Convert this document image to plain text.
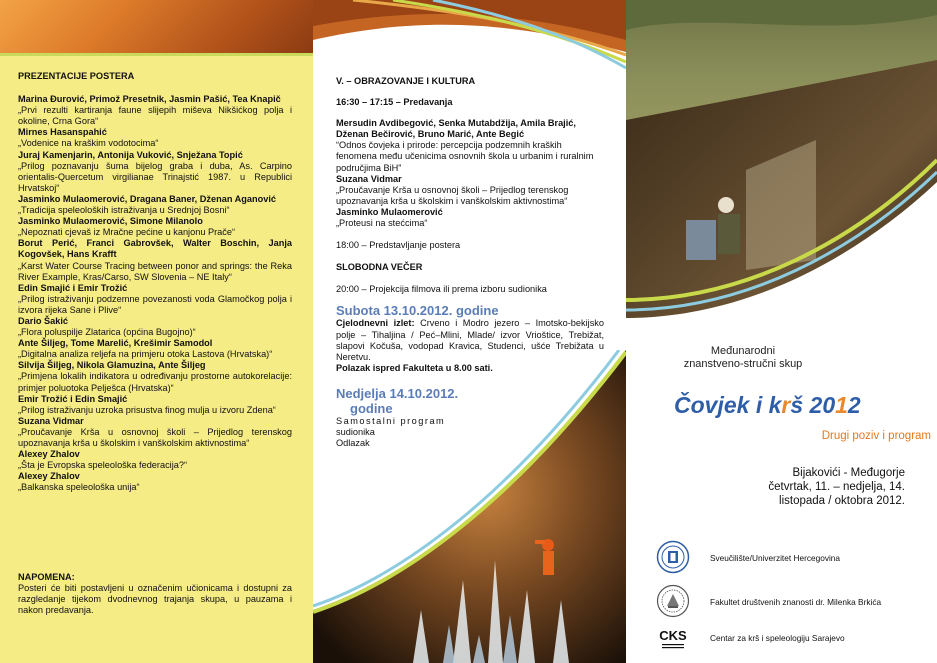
PREZENTACIJE POSTERA
Marina Đurović, Primož Presetnik, Jasmin Pašić, Tea Knapič
„Prvi rezulti kartiranja faune slijepih miševa Nikšićkog polja i okoline, Crna Gora“
Mirnes Hasanspahić
„Vodenice na kraškim vodotocima“
Juraj Kamenjarin, Antonija Vuković, Snježana Topić
„Prilog poznavanju šuma bijelog graba i duba, As. Carpino orientalis-Quercetum virgilianae Trinajstić 1987. u Republici Hrvatskoj“
Jasminko Mulaomerović, Dragana Baner, Dženan Aganović
„Tradicija speleoloških istraživanja u Srednjoj Bosni“
Jasminko Mulaomerović, Simone Milanolo
„Nepoznati cjevaš iz Mračne pećine u kanjonu Prače“
Borut Perić, Franci Gabrovšek, Walter Boschin, Janja Kogovšek, Hans Krafft
„Karst Water Course Tracing between ponor and springs: the Reka River Example, Kras/Carso, SW Slovenia – NE Italy“
Edin Smajić i Emir Trožić
„Prilog istraživanju podzemne povezanosti voda Glamočkog polja i izvora rijeka Sane i Plive“
Dario Šakić
„Flora poluspilje Zlatarica (općina Bugojno)“
Ante Šiljeg, Tome Marelić, Krešimir Samodol
„Digitalna analiza reljefa na primjeru otoka Lastova (Hrvatska)“
Silvija Šiljeg, Nikola Glamuzina, Ante Šiljeg
„Primjena lokalih indikatora u određivanju prostorne autokorelacije: primjer poluotoka Pelješca (Hrvatska)“
Emir Trožić i Edin Smajić
„Prilog istraživanju uzroka prisustva finog mulja u izvoru Zdena“
Suzana Vidmar
„Proučavanje Krša u osnovnoj školi – Prijedlog terenskog upoznavanja krša u školskim i vanškolskim aktivnostima“
Alexey Zhalov
„Šta je Evropska speleološka federacija?“
Alexey Zhalov
„Balkanska speleološka unija“
NAPOMENA:
Posteri će biti postavljeni u označenim učionicama i dostupni za razgledanje tijekom dvodnevnog trajanja skupa, u pauzama i nakon predavanja.
V. – OBRAZOVANJE I KULTURA
16:30 – 17:15 – Predavanja
Mersudin Avdibegović, Senka Mutabdžija, Amila Brajić, Dženan Bečirović, Bruno Marić, Ante Begić
“Odnos čovjeka i prirode: percepcija podzemnih kraških fenomena među učenicima osnovnih škola u urbanim i ruralnim područjima BiH”
Suzana Vidmar
„Proučavanje Krša u osnovnoj školi – Prijedlog terenskog upoznavanja krša u školskim i vanškolskim aktivnostima“
Jasminko Mulaomerović
„Proteusi na stećcima“
18:00 – Predstavljanje postera
SLOBODNA VEČER
20:00 – Projekcija filmova ili prema izboru sudionika
Subota 13.10.2012. godine
Cjelodnevni izlet: Crveno i Modro jezero – Imotsko-bekijsko polje – Tihaljina / Peć–Mlini, Mlade/ izvor Vrioštice, Trebižat, slapovi Kočuša, vodopad Kravica, Studenci, ušće Trebižata u Neretvu.
Polazak ispred Fakulteta u 8.00 sati.
Nedjelja 14.10.2012.
godine
Samostalni program
sudionika
Odlazak
Međunarodni
znanstveno-stručni skup
Čovjek i krš 2012
Drugi poziv i program
Bijakovići - Međugorje
četvrtak, 11. – nedjelja, 14.
listopada / oktobra 2012.
Sveučilište/Univerzitet Hercegovina
Fakultet društvenih znanosti dr. Milenka Brkića
CKS	Centar za krš i speleologiju Sarajevo
